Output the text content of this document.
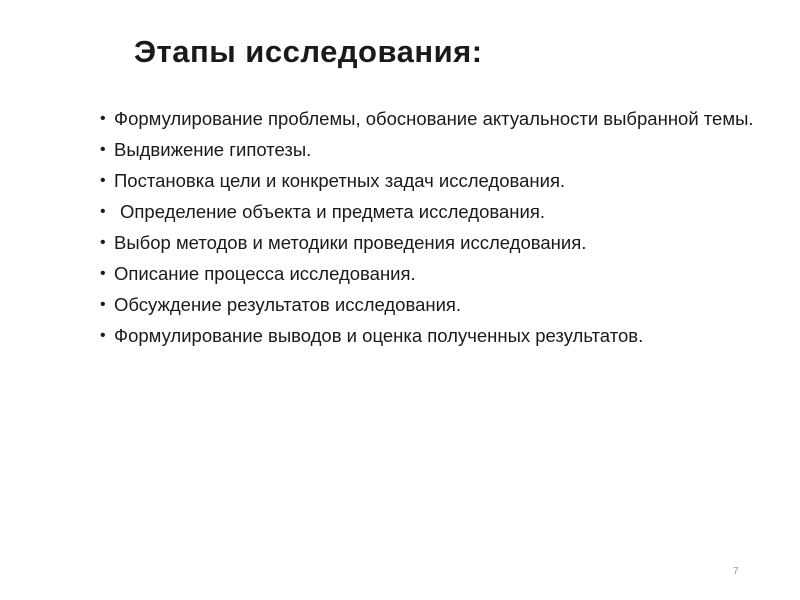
Этапы исследования:
• Формулирование проблемы, обоснование актуальности выбранной темы.
• Выдвижение гипотезы.
• Постановка цели и конкретных задач исследования.
• Определение объекта и предмета исследования.
• Выбор методов и методики проведения исследования.
• Описание процесса исследования.
• Обсуждение результатов исследования.
• Формулирование выводов и оценка полученных результатов.
7
